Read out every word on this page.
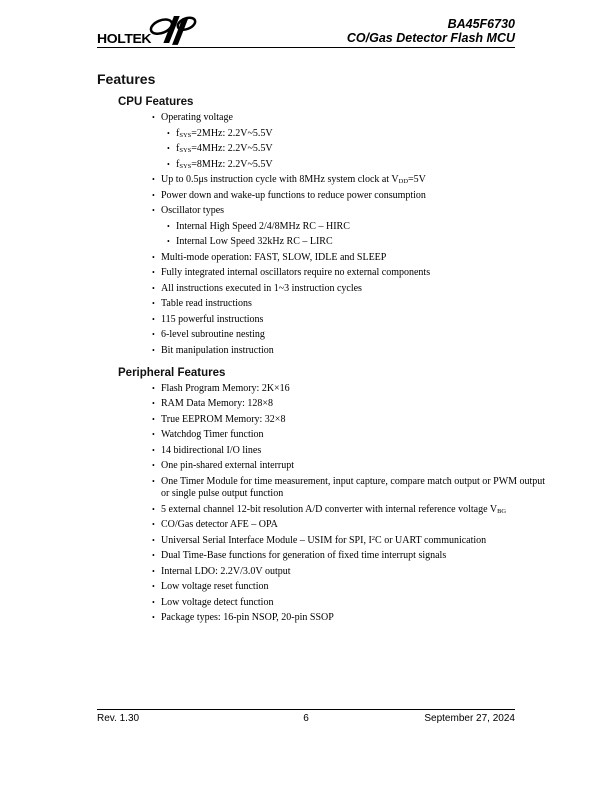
HOLTEK
BA45F6730
CO/Gas Detector Flash MCU
Features
CPU Features
• Operating voltage
• $f_{SYS}=2MHz$: 2.2V~5.5V
• $f_{SYS}=4MHz$: 2.2V~5.5V
• $f_{SYS}=8MHz$: 2.2V~5.5V
• Up to 0.5μs instruction cycle with 8MHz system clock at $V_{DD}=5V$
• Power down and wake-up functions to reduce power consumption
• Oscillator types
• Internal High Speed 2/4/8MHz RC – HIRC
• Internal Low Speed 32kHz RC – LIRC
• Multi-mode operation: FAST, SLOW, IDLE and SLEEP
• Fully integrated internal oscillators require no external components
• All instructions executed in 1~3 instruction cycles
• Table read instructions
• 115 powerful instructions
• 6-level subroutine nesting
• Bit manipulation instruction
Peripheral Features
• Flash Program Memory: 2K×16
• RAM Data Memory: 128×8
• True EEPROM Memory: 32×8
• Watchdog Timer function
• 14 bidirectional I/O lines
• One pin-shared external interrupt
• One Timer Module for time measurement, input capture, compare match output or PWM output
or single pulse output function
• 5 external channel 12-bit resolution A/D converter with internal reference voltage $V_{BG}$
• CO/Gas detector AFE – OPA
• Universal Serial Interface Module – USIM for SPI, $I^2C$ or UART communication
• Dual Time-Base functions for generation of fixed time interrupt signals
• Internal LDO: 2.2V/3.0V output
• Low voltage reset function
• Low voltage detect function
• Package types: 16-pin NSOP, 20-pin SSOP
Rev. 1.30	6	September 27, 2024
